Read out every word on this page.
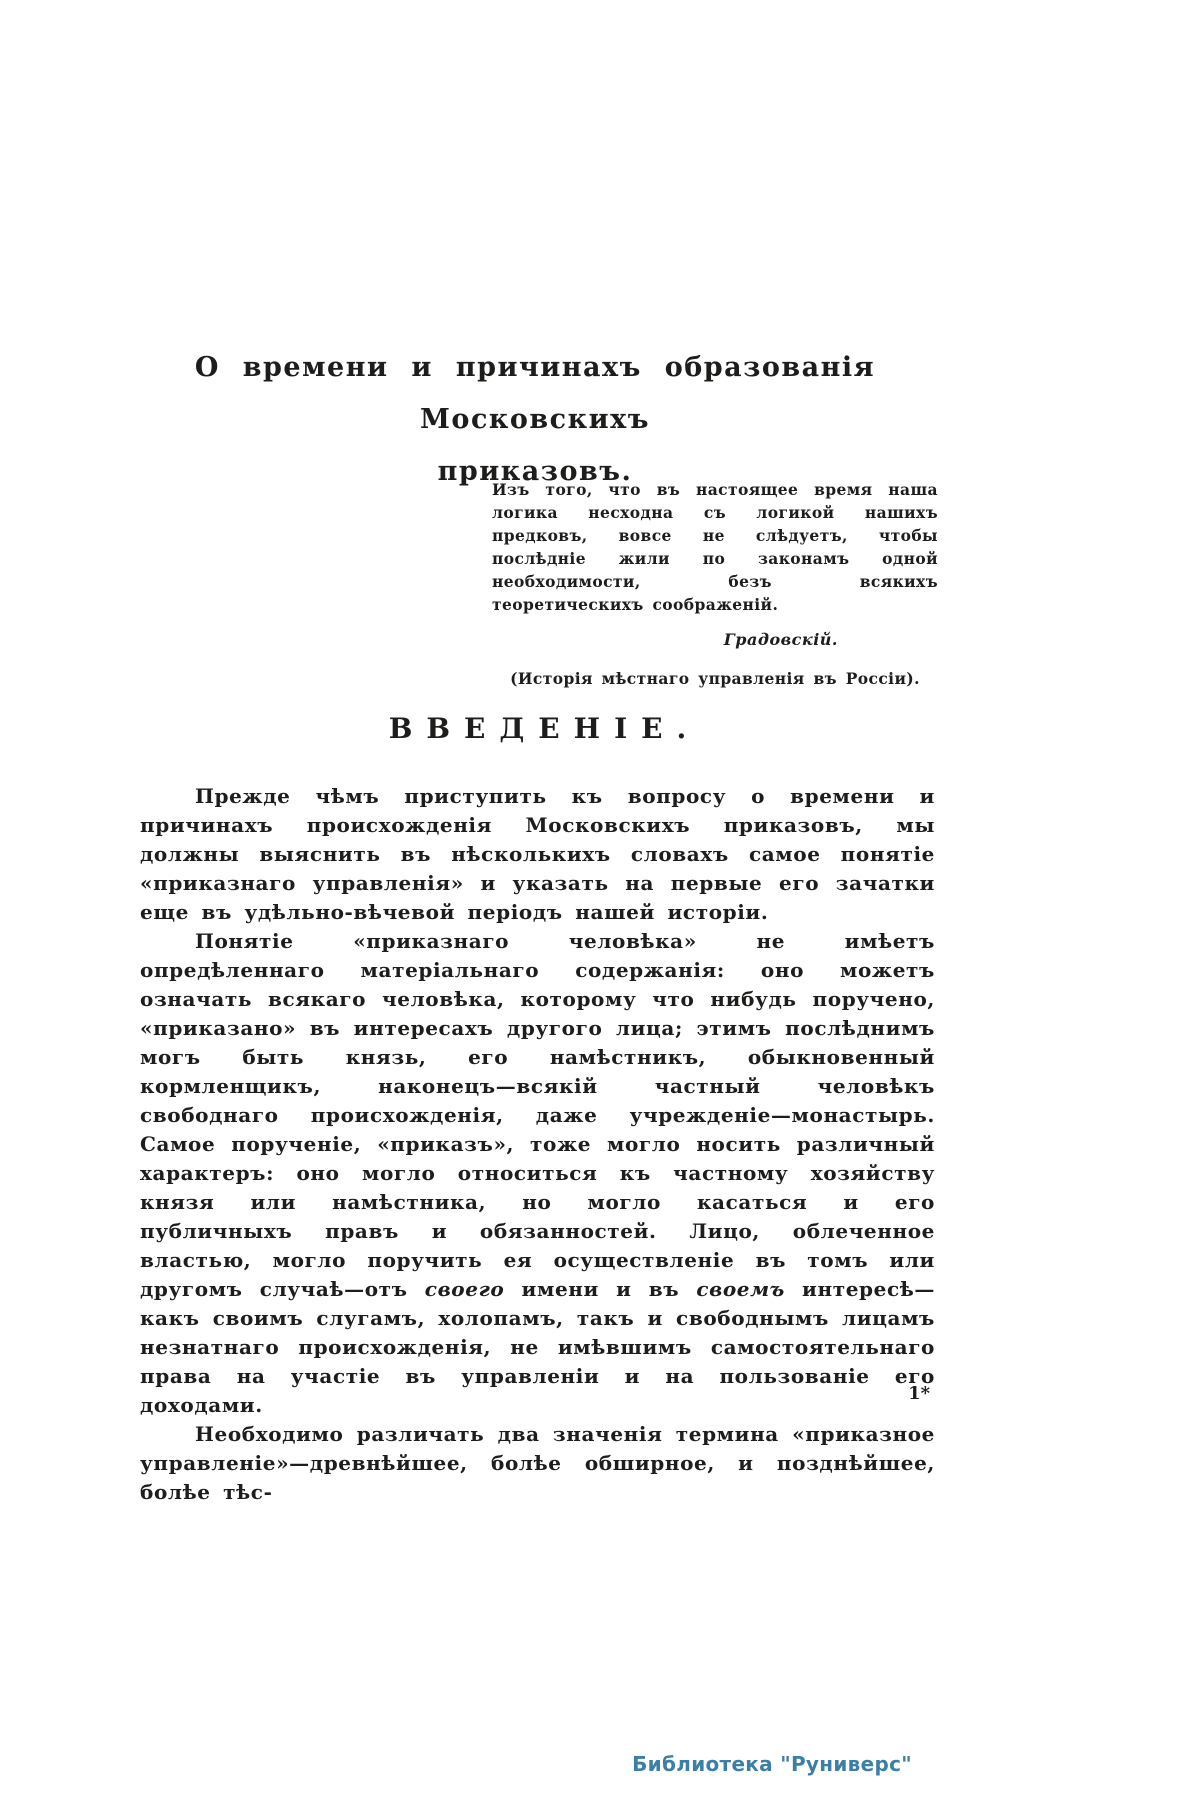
О времени и причинахъ образованія Московскихъ
приказовъ.

Изъ того, что въ настоящее время наша логика несходна съ логикой нашихъ предковъ, вовсе не слѣдуетъ, чтобы послѣдніе жили по законамъ одной необходимости, безъ всякихъ теоретическихъ соображеній.

Градовскій.

(Исторія мѣстнаго управленія въ Россіи).

ВВЕДЕНІЕ.

Прежде чѣмъ приступить къ вопросу о времени и причинахъ происхожденія Московскихъ приказовъ, мы должны выяснить въ нѣсколькихъ словахъ самое понятіе «приказнаго управленія» и указать на первые его зачатки еще въ удѣльно-вѣчевой періодъ нашей исторіи.

Понятіе «приказнаго человѣка» не имѣетъ опредѣленнаго матеріальнаго содержанія: оно можетъ означать всякаго человѣка, которому что нибудь поручено, «приказано» въ интересахъ другого лица; этимъ послѣднимъ могъ быть князь, его намѣстникъ, обыкновенный кормленщикъ, наконецъ—всякій частный человѣкъ свободнаго происхожденія, даже учрежденіе—монастырь. Самое порученіе, «приказъ», тоже могло носить различный характеръ: оно могло относиться къ частному хозяйству князя или намѣстника, но могло касаться и его публичныхъ правъ и обязанностей. Лицо, облеченное властью, могло поручить ея осуществленіе въ томъ или другомъ случаѣ—отъ своего имени и въ своемъ интересѣ—какъ своимъ слугамъ, холопамъ, такъ и свободнымъ лицамъ незнатнаго происхожденія, не имѣвшимъ самостоятельнаго права на участіе въ управленіи и на пользованіе его доходами.

Необходимо различать два значенія термина «приказное управленіе»—древнѣйшее, болѣе обширное, и позднѣйшее, болѣе тѣс-

1*
Библиотека "Руниверс"
